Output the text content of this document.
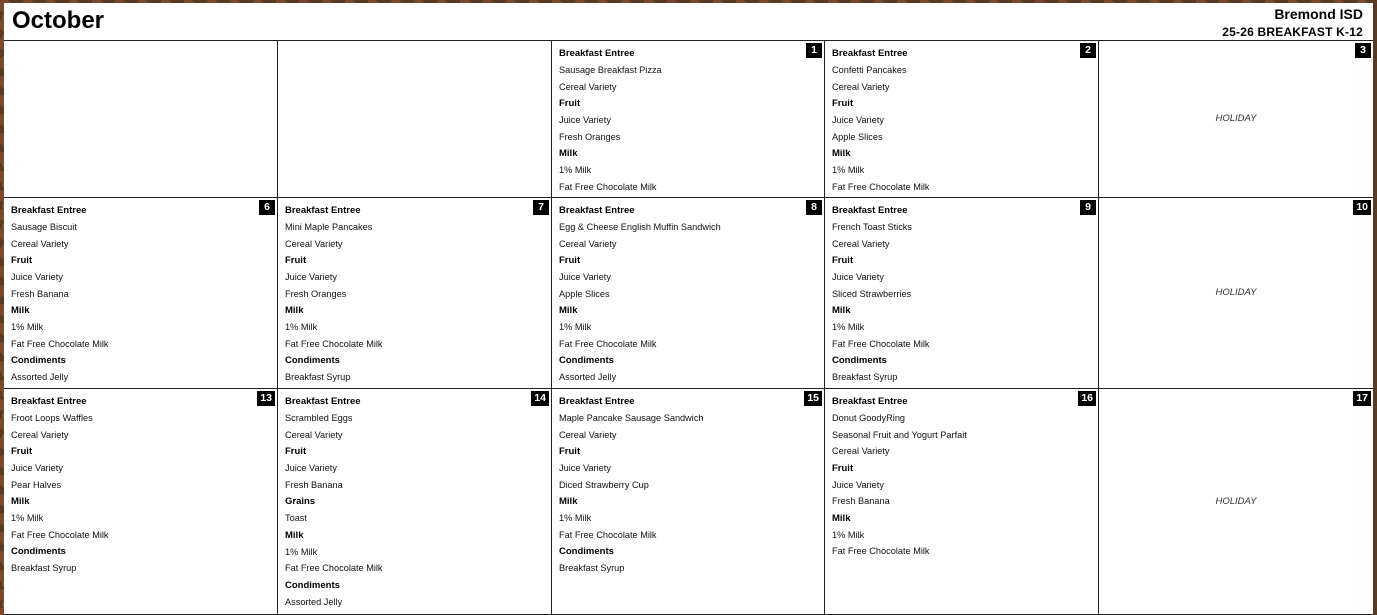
October	Bremond ISD
25-26 BREAKFAST K-12
1
Breakfast Entree
Sausage Breakfast Pizza
Cereal Variety
Fruit
Juice Variety
Fresh Oranges
Milk
1% Milk
Fat Free Chocolate Milk
2
Breakfast Entree
Confetti Pancakes
Cereal Variety
Fruit
Juice Variety
Apple Slices
Milk
1% Milk
Fat Free Chocolate Milk
3
HOLIDAY
6
Breakfast Entree
Sausage Biscuit
Cereal Variety
Fruit
Juice Variety
Fresh Banana
Milk
1% Milk
Fat Free Chocolate Milk
Condiments
Assorted Jelly
7
Breakfast Entree
Mini Maple Pancakes
Cereal Variety
Fruit
Juice Variety
Fresh Oranges
Milk
1% Milk
Fat Free Chocolate Milk
Condiments
Breakfast Syrup
8
Breakfast Entree
Egg & Cheese English Muffin Sandwich
Cereal Variety
Fruit
Juice Variety
Apple Slices
Milk
1% Milk
Fat Free Chocolate Milk
Condiments
Assorted Jelly
9
Breakfast Entree
French Toast Sticks
Cereal Variety
Fruit
Juice Variety
Sliced Strawberries
Milk
1% Milk
Fat Free Chocolate Milk
Condiments
Breakfast Syrup
10
HOLIDAY
13
Breakfast Entree
Froot Loops Waffles
Cereal Variety
Fruit
Juice Variety
Pear Halves
Milk
1% Milk
Fat Free Chocolate Milk
Condiments
Breakfast Syrup
14
Breakfast Entree
Scrambled Eggs
Cereal Variety
Fruit
Juice Variety
Fresh Banana
Grains
Toast
Milk
1% Milk
Fat Free Chocolate Milk
Condiments
Assorted Jelly
15
Breakfast Entree
Maple Pancake Sausage Sandwich
Cereal Variety
Fruit
Juice Variety
Diced Strawberry Cup
Milk
1% Milk
Fat Free Chocolate Milk
Condiments
Breakfast Syrup
16
Breakfast Entree
Donut GoodyRing
Seasonal Fruit and Yogurt Parfait
Cereal Variety
Fruit
Juice Variety
Fresh Banana
Milk
1% Milk
Fat Free Chocolate Milk
17
HOLIDAY
